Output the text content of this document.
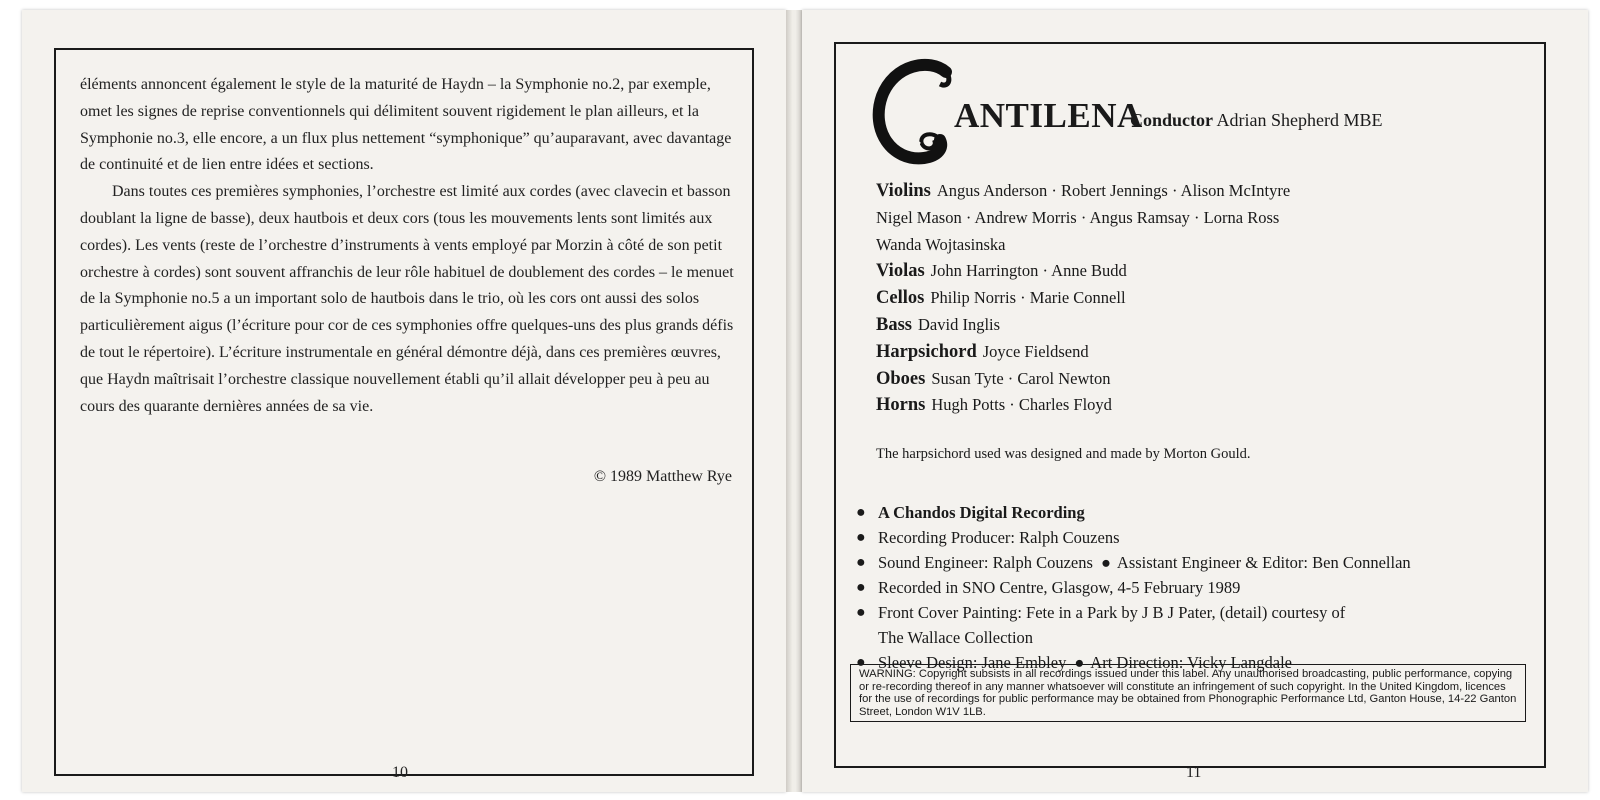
éléments annoncent également le style de la maturité de Haydn – la Symphonie no.2, par exemple, omet les signes de reprise conventionnels qui délimitent souvent rigidement le plan ailleurs, et la Symphonie no.3, elle encore, a un flux plus nettement “symphonique” qu’auparavant, avec davantage de continuité et de lien entre idées et sections.

Dans toutes ces premières symphonies, l’orchestre est limité aux cordes (avec clavecin et basson doublant la ligne de basse), deux hautbois et deux cors (tous les mouvements lents sont limités aux cordes). Les vents (reste de l’orchestre d’instruments à vents employé par Morzin à côté de son petit orchestre à cordes) sont souvent affranchis de leur rôle habituel de doublement des cordes – le menuet de la Symphonie no.5 a un important solo de hautbois dans le trio, où les cors ont aussi des solos particulièrement aigus (l’écriture pour cor de ces symphonies offre quelques-uns des plus grands défis de tout le répertoire). L’écriture instrumentale en général démontre déjà, dans ces premières œuvres, que Haydn maîtrisait l’orchestre classique nouvellement établi qu’il allait développer peu à peu au cours des quarante dernières années de sa vie.

© 1989 Matthew Rye
10
ANTILENA
Conductor Adrian Shepherd MBE
Violins Angus Anderson · Robert Jennings · Alison McIntyre
Nigel Mason · Andrew Morris · Angus Ramsay · Lorna Ross
Wanda Wojtasinska
Violas John Harrington · Anne Budd
Cellos Philip Norris · Marie Connell
Bass David Inglis
Harpsichord Joyce Fieldsend
Oboes Susan Tyte · Carol Newton
Horns Hugh Potts · Charles Floyd
The harpsichord used was designed and made by Morton Gould.
● A Chandos Digital Recording
● Recording Producer: Ralph Couzens
● Sound Engineer: Ralph Couzens ● Assistant Engineer & Editor: Ben Connellan
● Recorded in SNO Centre, Glasgow, 4-5 February 1989
● Front Cover Painting: Fete in a Park by J B J Pater, (detail) courtesy of
The Wallace Collection
● Sleeve Design: Jane Embley ● Art Direction: Vicky Langdale
WARNING: Copyright subsists in all recordings issued under this label. Any unauthorised broadcasting, public performance, copying or re-recording thereof in any manner whatsoever will constitute an infringement of such copyright. In the United Kingdom, licences for the use of recordings for public performance may be obtained from Phonographic Performance Ltd, Ganton House, 14-22 Ganton Street, London W1V 1LB.
11
